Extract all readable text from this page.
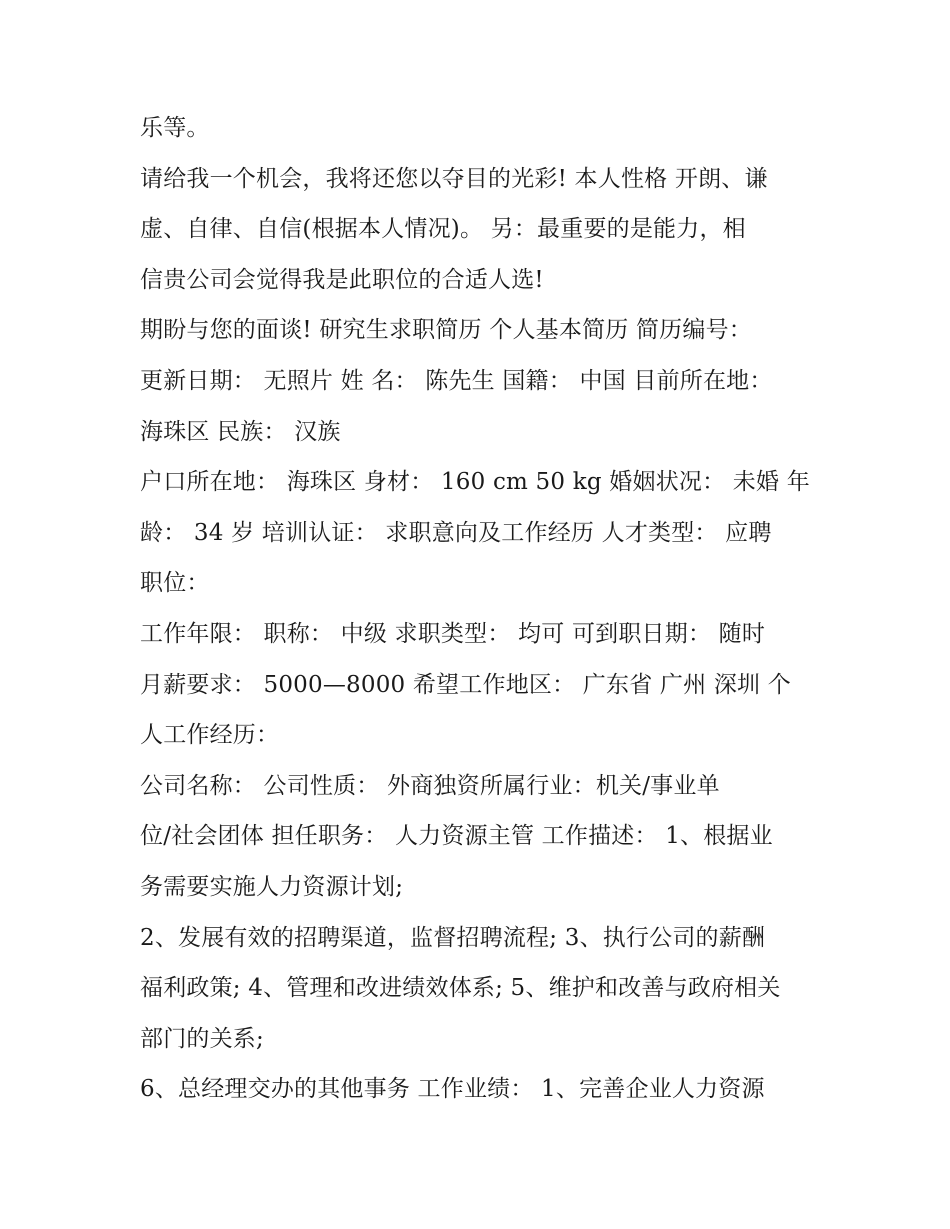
乐等。
请给我一个机会，我将还您以夺目的光彩! 本人性格 开朗、谦
虚、自律、自信(根据本人情况)。 另：最重要的是能力，相
信贵公司会觉得我是此职位的合适人选!
期盼与您的面谈! 研究生求职简历 个人基本简历 简历编号：
更新日期： 无照片 姓 名： 陈先生 国籍： 中国 目前所在地：
海珠区 民族： 汉族
户口所在地： 海珠区 身材： 160 cm 50 kg 婚姻状况： 未婚 年
龄： 34 岁 培训认证： 求职意向及工作经历 人才类型： 应聘
职位：
工作年限： 职称： 中级 求职类型： 均可 可到职日期： 随时
月薪要求： 5000—8000 希望工作地区： 广东省 广州 深圳 个
人工作经历：
公司名称： 公司性质： 外商独资所属行业：机关/事业单
位/社会团体 担任职务： 人力资源主管 工作描述： 1、根据业
务需要实施人力资源计划;
2、发展有效的招聘渠道，监督招聘流程; 3、执行公司的薪酬
福利政策; 4、管理和改进绩效体系; 5、维护和改善与政府相关
部门的关系;
6、总经理交办的其他事务 工作业绩： 1、完善企业人力资源
